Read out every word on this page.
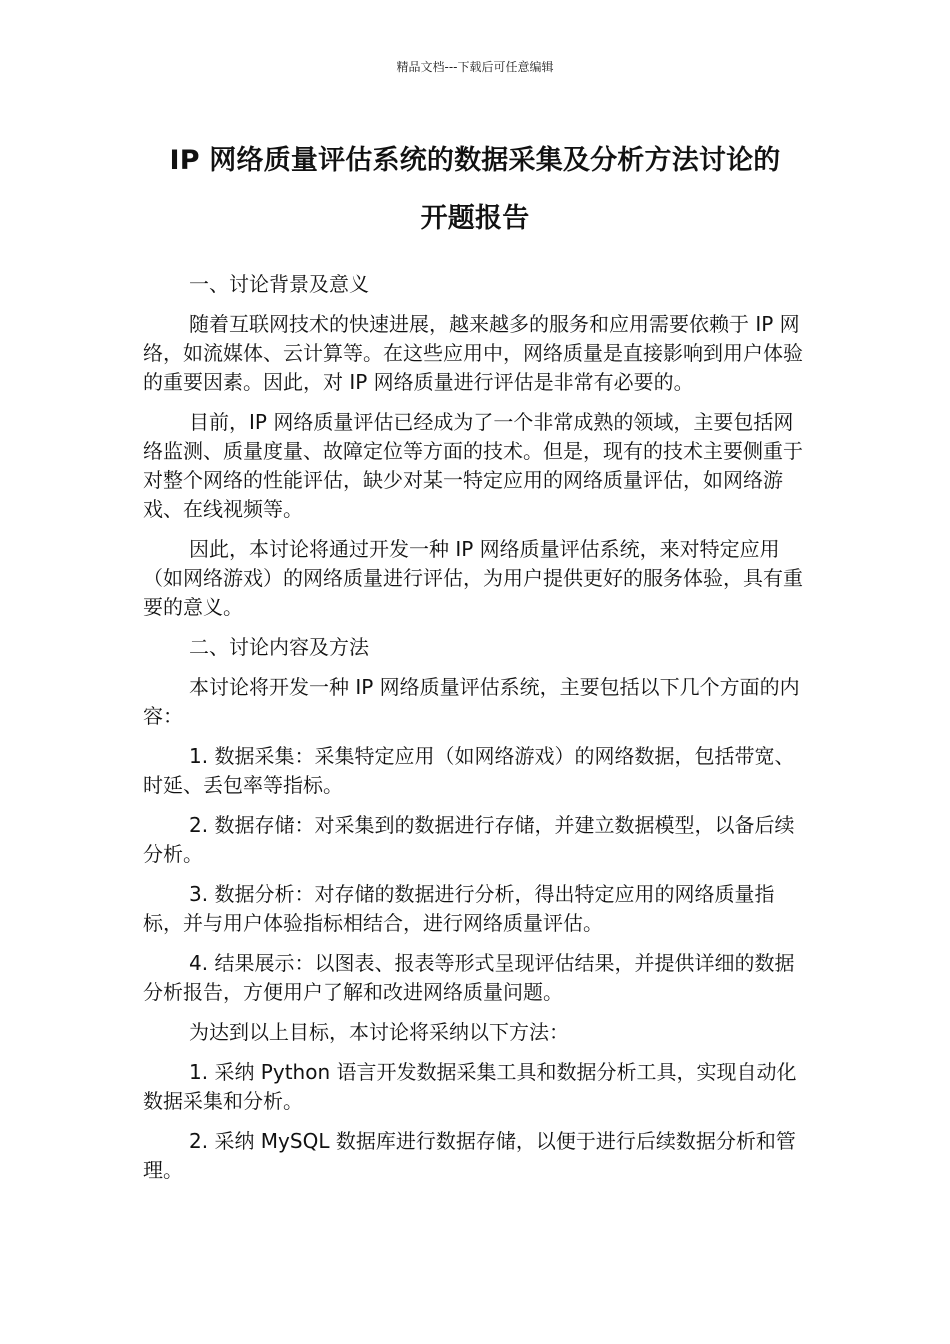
精品文档---下载后可任意编辑
IP 网络质量评估系统的数据采集及分析方法讨论的
开题报告

一、讨论背景及意义

随着互联网技术的快速进展，越来越多的服务和应用需要依赖于 IP 网络，如流媒体、云计算等。在这些应用中，网络质量是直接影响到用户体验的重要因素。因此，对 IP 网络质量进行评估是非常有必要的。

目前，IP 网络质量评估已经成为了一个非常成熟的领域，主要包括网络监测、质量度量、故障定位等方面的技术。但是，现有的技术主要侧重于对整个网络的性能评估，缺少对某一特定应用的网络质量评估，如网络游戏、在线视频等。

因此，本讨论将通过开发一种 IP 网络质量评估系统，来对特定应用（如网络游戏）的网络质量进行评估，为用户提供更好的服务体验，具有重要的意义。

二、讨论内容及方法

本讨论将开发一种 IP 网络质量评估系统，主要包括以下几个方面的内容：

1. 数据采集：采集特定应用（如网络游戏）的网络数据，包括带宽、时延、丢包率等指标。

2. 数据存储：对采集到的数据进行存储，并建立数据模型，以备后续分析。

3. 数据分析：对存储的数据进行分析，得出特定应用的网络质量指标，并与用户体验指标相结合，进行网络质量评估。

4. 结果展示：以图表、报表等形式呈现评估结果，并提供详细的数据分析报告，方便用户了解和改进网络质量问题。

为达到以上目标，本讨论将采纳以下方法：

1. 采纳 Python 语言开发数据采集工具和数据分析工具，实现自动化数据采集和分析。

2. 采纳 MySQL 数据库进行数据存储，以便于进行后续数据分析和管理。
